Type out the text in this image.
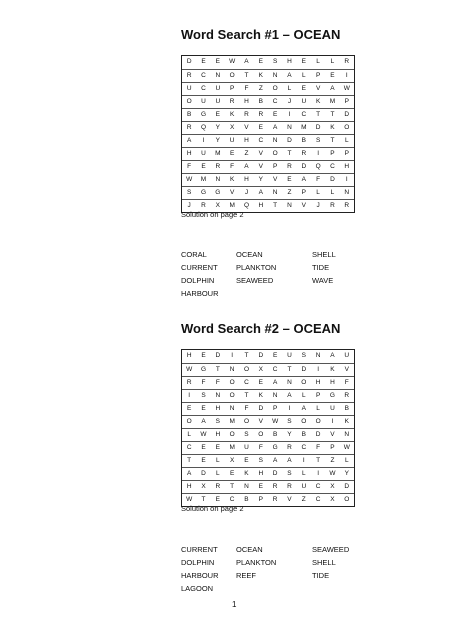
Word Search #1 – OCEAN
D	E	E	W	A	E	S	H	E	L	L	R
R	C	N	O	T	K	N	A	L	P	E	I
U	C	U	P	F	Z	O	L	E	V	A	W
O	U	U	R	H	B	C	J	U	K	M	P
B	G	E	K	R	R	E	I	C	T	T	D
R	Q	Y	X	V	E	A	N	M	D	K	O
A	I	Y	U	H	C	N	D	B	S	T	L
H	U	M	E	Z	V	O	T	R	I	P	P
F	E	R	F	A	V	P	R	D	Q	C	H
W	M	N	K	H	Y	V	E	A	F	D	I
S	G	G	V	J	A	N	Z	P	L	L	N
J	R	X	M	Q	H	T	N	V	J	R	R
Solution on page 2
CORAL	OCEAN	SHELL
CURRENT	PLANKTON	TIDE
DOLPHIN	SEAWEED	WAVE
HARBOUR
Word Search #2 – OCEAN
H	E	D	I	T	D	E	U	S	N	A	U
W	G	T	N	O	X	C	T	D	I	K	V
R	F	F	O	C	E	A	N	O	H	H	F
I	S	N	O	T	K	N	A	L	P	G	R
E	E	H	N	F	D	P	I	A	L	U	B
O	A	S	M	O	V	W	S	O	O	I	K
L	W	H	O	S	O	B	Y	B	D	V	N
C	E	E	M	U	F	G	R	C	F	P	W
T	E	L	X	E	S	A	A	I	T	Z	L
A	D	L	E	K	H	D	S	L	I	W	Y
H	X	R	T	N	E	R	R	U	C	X	D
W	T	E	C	B	P	R	V	Z	C	X	O
Solution on page 2
CURRENT	OCEAN	SEAWEED
DOLPHIN	PLANKTON	SHELL
HARBOUR	REEF	TIDE
LAGOON
1
